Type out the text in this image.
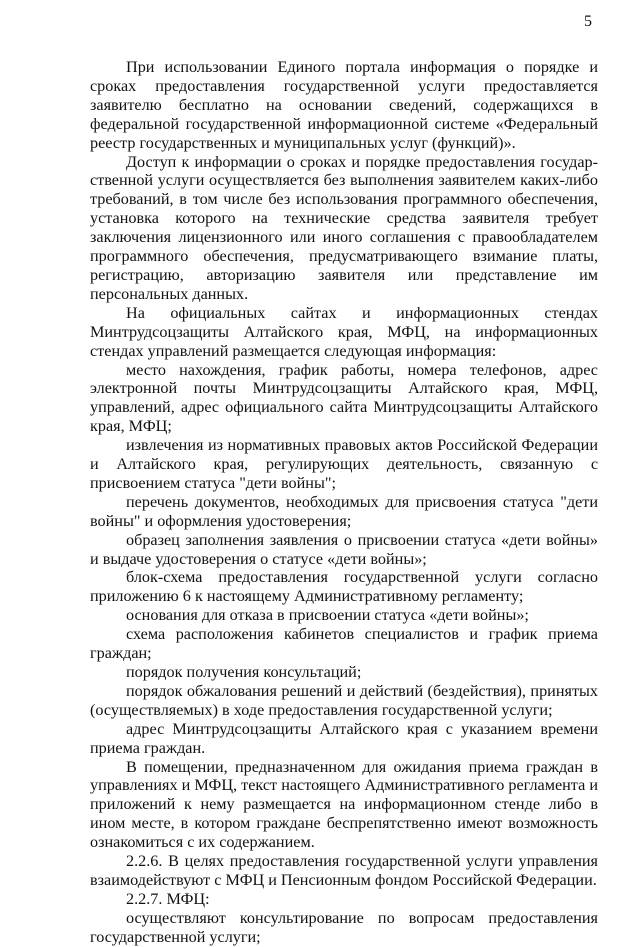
5

При использовании Единого портала информация о порядке и сроках предоставления государственной услуги предоставляется заявителю бесплатно на основании сведений, содержащихся в федеральной государственной информационной системе «Федеральный реестр государственных и муниципальных услуг (функций)».

Доступ к информации о сроках и порядке предоставления государственной услуги осуществляется без выполнения заявителем каких-либо требований, в том числе без использования программного обеспечения, установка которого на технические средства заявителя требует заключения лицензионного или иного соглашения с правообладателем программного обеспечения, предусматривающего взимание платы, регистрацию, авторизацию заявителя или представление им персональных данных.

На официальных сайтах и информационных стендах Минтрудсоцзащиты Алтайского края, МФЦ, на информационных стендах управлений размещается следующая информация:

место нахождения, график работы, номера телефонов, адрес электронной почты Минтрудсоцзащиты Алтайского края, МФЦ, управлений, адрес официального сайта Минтрудсоцзащиты Алтайского края, МФЦ;

извлечения из нормативных правовых актов Российской Федерации и Алтайского края, регулирующих деятельность, связанную с присвоением статуса "дети войны";

перечень документов, необходимых для присвоения статуса "дети войны" и оформления удостоверения;

образец заполнения заявления о присвоении статуса «дети войны» и выдаче удостоверения о статусе «дети войны»;

блок-схема предоставления государственной услуги согласно приложению 6 к настоящему Административному регламенту;

основания для отказа в присвоении статуса «дети войны»;

схема расположения кабинетов специалистов и график приема граждан;

порядок получения консультаций;

порядок обжалования решений и действий (бездействия), принятых (осуществляемых) в ходе предоставления государственной услуги;

адрес Минтрудсоцзащиты Алтайского края с указанием времени приема граждан.

В помещении, предназначенном для ожидания приема граждан в управлениях и МФЦ, текст настоящего Административного регламента и приложений к нему размещается на информационном стенде либо в ином месте, в котором граждане беспрепятственно имеют возможность ознакомиться с их содержанием.

2.2.6. В целях предоставления государственной услуги управления взаимодействуют с МФЦ и Пенсионным фондом Российской Федерации.

2.2.7. МФЦ:

осуществляют консультирование по вопросам предоставления государственной услуги;
